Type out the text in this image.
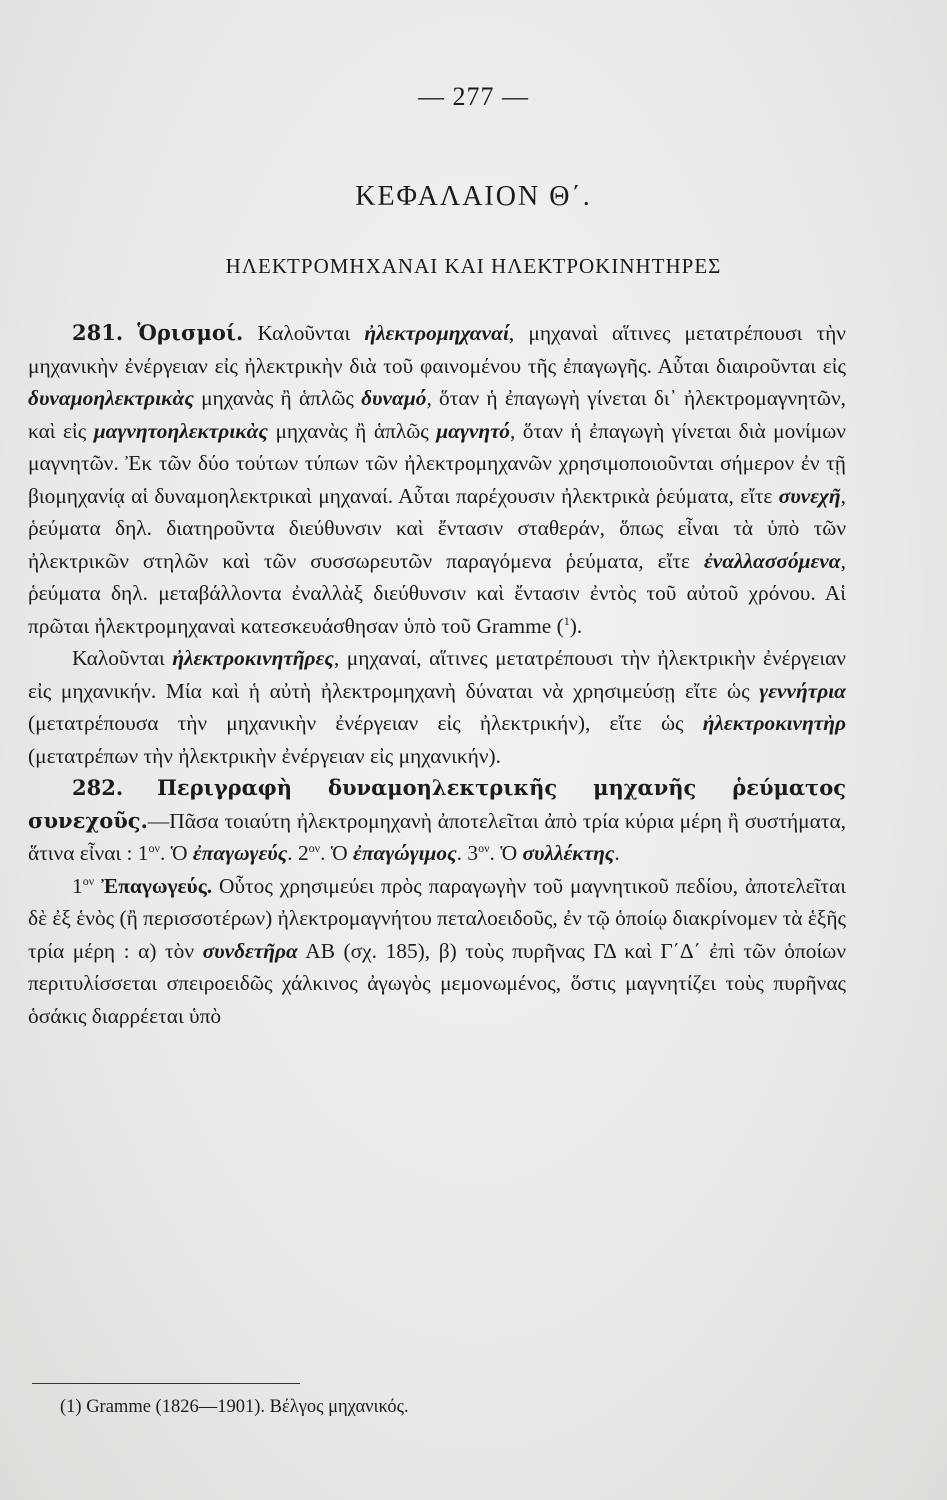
— 277 —
ΚΕΦΑΛΑΙΟΝ Θ΄.
ΗΛΕΚΤΡΟΜΗΧΑΝΑΙ ΚΑΙ ΗΛΕΚΤΡΟΚΙΝΗΤΗΡΕΣ

281. Ὁρισμοί. Καλοῦνται ἠλεκτρομηχαναί, μηχαναὶ αἵτινες μετατρέπουσι τὴν μηχανικὴν ἐνέργειαν εἰς ἠλεκτρικὴν διὰ τοῦ φαινομένου τῆς ἐπαγωγῆς. Αὗται διαιροῦνται εἰς δυναμοηλεκτρικὰς μηχανὰς ἢ ἁπλῶς δυναμό, ὅταν ἡ ἐπαγωγὴ γίνεται δι᾿ ἠλεκτρομαγνητῶν, καὶ εἰς μαγνητοηλεκτρικὰς μηχανὰς ἢ ἁπλῶς μαγνητό, ὅταν ἡ ἐπαγωγὴ γίνεται διὰ μονίμων μαγνητῶν. Ἐκ τῶν δύο τούτων τύπων τῶν ἠλεκτρομηχανῶν χρησιμοποιοῦνται σήμερον ἐν τῇ βιομηχανίᾳ αἱ δυναμοηλεκτρικαὶ μηχαναί. Αὗται παρέχουσιν ἠλεκτρικὰ ῥεύματα, εἴτε συνεχῆ, ῥεύματα δηλ. διατηροῦντα διεύθυνσιν καὶ ἔντασιν σταθεράν, ὅπως εἶναι τὰ ὑπὸ τῶν ἠλεκτρικῶν στηλῶν καὶ τῶν συσσωρευτῶν παραγόμενα ῥεύματα, εἴτε ἐναλλασσόμενα, ῥεύματα δηλ. μεταβάλλοντα ἐναλλὰξ διεύθυνσιν καὶ ἔντασιν ἐντὸς τοῦ αὐτοῦ χρόνου. Αἱ πρῶται ἠλεκτρομηχαναὶ κατεσκευάσθησαν ὑπὸ τοῦ Gramme ($^1$).

Καλοῦνται ἠλεκτροκινητῆρες, μηχαναί, αἵτινες μετατρέπουσι τὴν ἠλεκτρικὴν ἐνέργειαν εἰς μηχανικήν. Μία καὶ ἡ αὐτὴ ἠλεκτρομηχανὴ δύναται νὰ χρησιμεύσῃ εἴτε ὡς γεννήτρια (μετατρέπουσα τὴν μηχανικὴν ἐνέργειαν εἰς ἠλεκτρικήν), εἴτε ὡς ἠλεκτροκινητὴρ (μετατρέπων τὴν ἠλεκτρικὴν ἐνέργειαν εἰς μηχανικήν).

282. Περιγραφὴ δυναμοηλεκτρικῆς μηχανῆς ῥεύματος συνεχοῦς.—Πᾶσα τοιαύτη ἠλεκτρομηχανὴ ἀποτελεῖται ἀπὸ τρία κύρια μέρη ἢ συστήματα, ἅτινα εἶναι : $1^{o\nu}$. Ὁ ἐπαγωγεύς. $2^{o\nu}$. Ὁ ἐπαγώγιμος. $3^{o\nu}$. Ὁ συλλέκτης.

$1^{o\nu}$ Ἐπαγωγεύς. Οὗτος χρησιμεύει πρὸς παραγωγὴν τοῦ μαγνητικοῦ πεδίου, ἀποτελεῖται δὲ ἐξ ἑνὸς (ἢ περισσοτέρων) ἠλεκτρομαγνήτου πεταλοειδοῦς, ἐν τῷ ὁποίῳ διακρίνομεν τὰ ἑξῆς τρία μέρη : α) τὸν συνδετῆρα ΑΒ (σχ. 185), β) τοὺς πυρῆνας ΓΔ καὶ Γ΄Δ΄ ἐπὶ τῶν ὁποίων περιτυλίσσεται σπειροειδῶς χάλκινος ἀγωγὸς μεμονωμένος, ὅστις μαγνητίζει τοὺς πυρῆνας ὁσάκις διαρρέεται ὑπὸ

(1) Gramme (1826—1901). Βέλγος μηχανικός.
